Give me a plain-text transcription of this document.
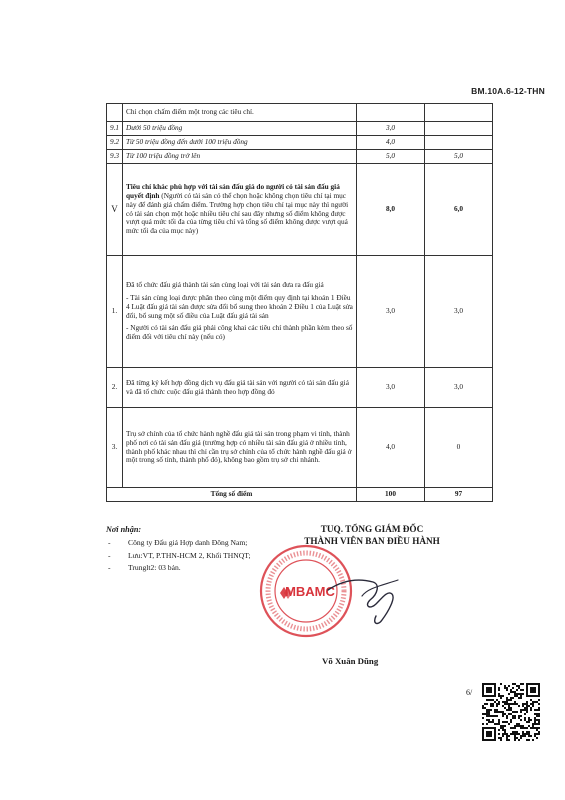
BM.10A.6-12-THN

	Chỉ chọn chấm điểm một trong các tiêu chí.		

9.1	Dưới 50 triệu đồng	3,0	
9.2	Từ 50 triệu đồng đến dưới 100 triệu đồng	4,0	
9.3	Từ 100 triệu đồng trở lên	5,0	5,0
V	Tiêu chí khác phù hợp với tài sản đấu giá do người có tài sản đấu giá quyết định (Người có tài sản có thể chọn hoặc không chọn tiêu chí tại mục này để đánh giá chấm điểm. Trường hợp chọn tiêu chí tại mục này thì người có tài sản chọn một hoặc nhiều tiêu chí sau đây nhưng số điểm không được vượt quá mức tối đa của từng tiêu chí và tổng số điểm không được vượt quá mức tối đa của mục này)	8,0	6,0
1.	Đã tổ chức đấu giá thành tài sản cùng loại với tài sản đưa ra đấu giá
- Tài sản cùng loại được phân theo cùng một điểm quy định tại khoản 1 Điều 4 Luật đấu giá tài sản được sửa đổi bổ sung theo khoản 2 Điều 1 của Luật sửa đổi, bổ sung một số điều của Luật đấu giá tài sản
- Người có tài sản đấu giá phải công khai các tiêu chí thành phần kèm theo số điểm đối với tiêu chí này (nếu có)	3,0	3,0
2.	Đã từng ký kết hợp đồng dịch vụ đấu giá tài sản với người có tài sản đấu giá và đã tổ chức cuộc đấu giá thành theo hợp đồng đó	3,0	3,0
3.	Trụ sở chính của tổ chức hành nghề đấu giá tài sản trong phạm vi tỉnh, thành phố nơi có tài sản đấu giá (trường hợp có nhiều tài sản đấu giá ở nhiều tỉnh, thành phố khác nhau thì chỉ cần trụ sở chính của tổ chức hành nghề đấu giá ở một trong số tỉnh, thành phố đó), không bao gồm trụ sở chi nhánh.	4,0	0
Tổng số điểm		100	97
Nơi nhận:
- Công ty Đấu giá Hợp danh Đông Nam;
- Lưu:VT, P.THN-HCM 2, Khối THNQT;
- Trunglt2: 03 bản.
TUQ. TỔNG GIÁM ĐỐC
THÀNH VIÊN BAN ĐIỀU HÀNH
MBAMC
Võ Xuân Dũng
6/
